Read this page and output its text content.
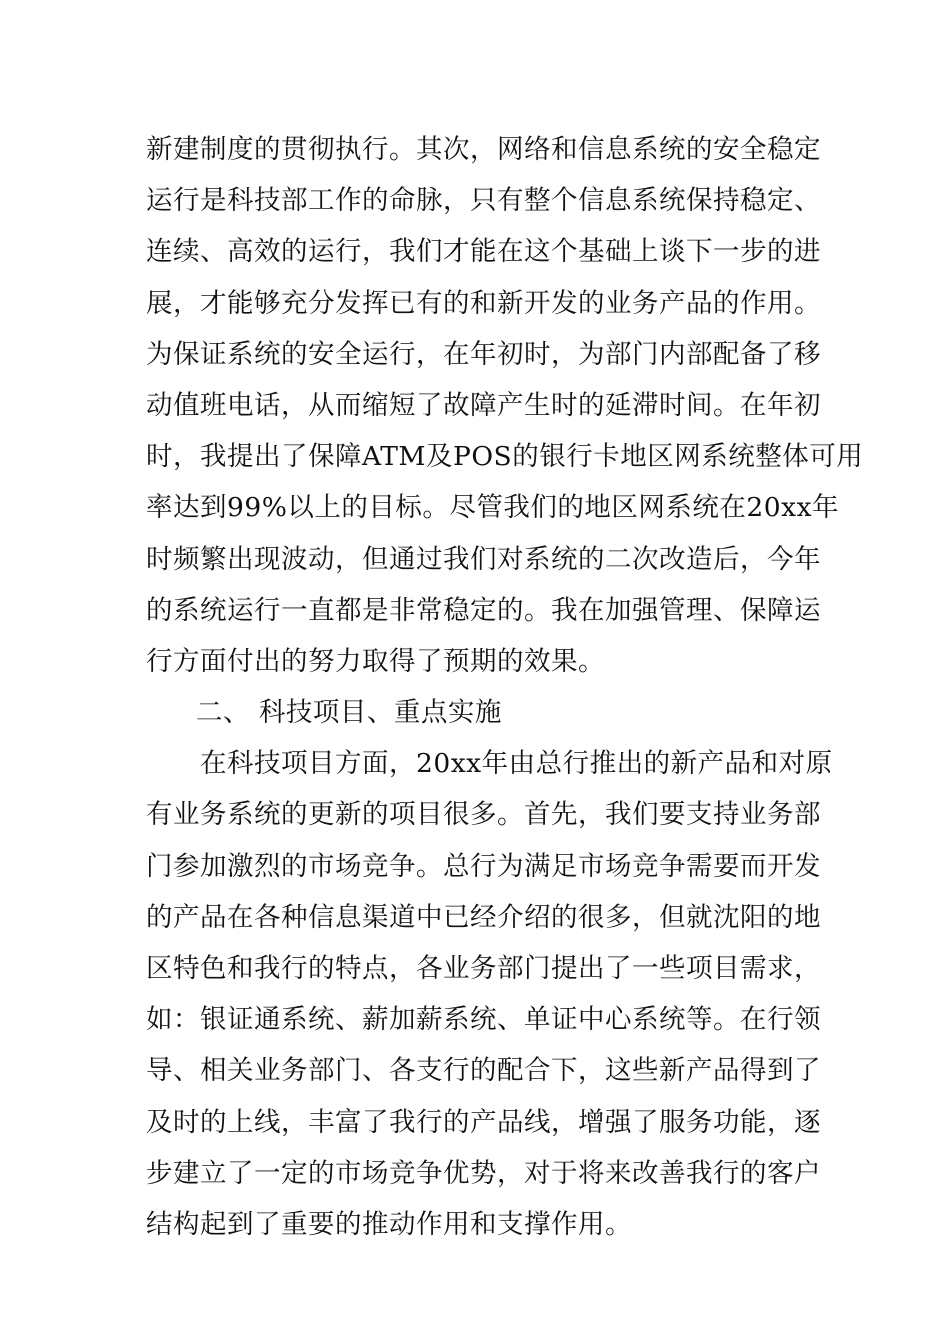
新建制度的贯彻执行。其次，网络和信息系统的安全稳定
运行是科技部工作的命脉，只有整个信息系统保持稳定、
连续、高效的运行，我们才能在这个基础上谈下一步的进
展，才能够充分发挥已有的和新开发的业务产品的作用。
为保证系统的安全运行，在年初时，为部门内部配备了移
动值班电话，从而缩短了故障产生时的延滞时间。在年初
时，我提出了保障ATM及POS的银行卡地区网系统整体可用
率达到99%以上的目标。尽管我们的地区网系统在20xx年
时频繁出现波动，但通过我们对系统的二次改造后，今年
的系统运行一直都是非常稳定的。我在加强管理、保障运
行方面付出的努力取得了预期的效果。
二、 科技项目、重点实施
在科技项目方面，20xx年由总行推出的新产品和对原
有业务系统的更新的项目很多。首先，我们要支持业务部
门参加激烈的市场竞争。总行为满足市场竞争需要而开发
的产品在各种信息渠道中已经介绍的很多，但就沈阳的地
区特色和我行的特点，各业务部门提出了一些项目需求，
如：银证通系统、薪加薪系统、单证中心系统等。在行领
导、相关业务部门、各支行的配合下，这些新产品得到了
及时的上线，丰富了我行的产品线，增强了服务功能，逐
步建立了一定的市场竞争优势，对于将来改善我行的客户
结构起到了重要的推动作用和支撑作用。
